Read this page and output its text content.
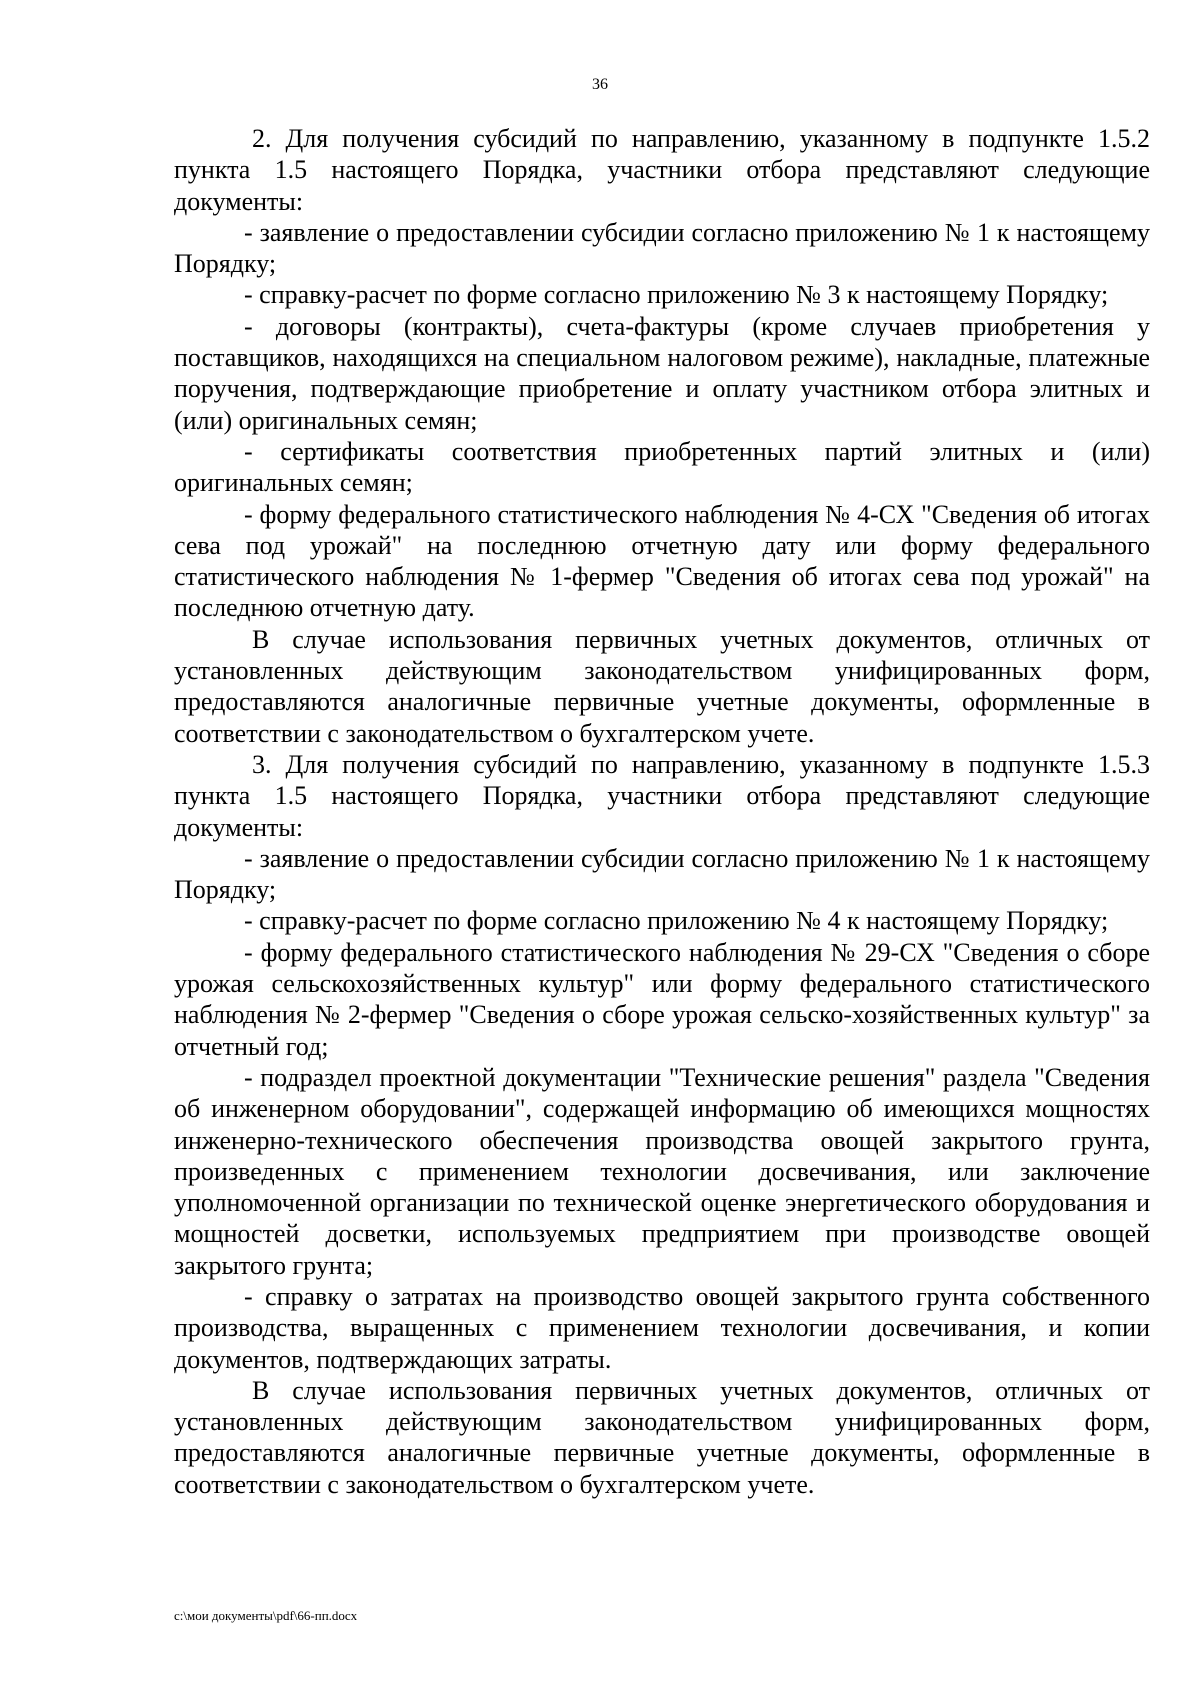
36

2. Для получения субсидий по направлению, указанному в подпункте 1.5.2 пункта 1.5 настоящего Порядка, участники отбора представляют следующие документы:

- заявление о предоставлении субсидии согласно приложению № 1 к настоящему Порядку;

- справку-расчет по форме согласно приложению № 3 к настоящему Порядку;

- договоры (контракты), счета-фактуры (кроме случаев приобретения у поставщиков, находящихся на специальном налоговом режиме), накладные, платежные поручения, подтверждающие приобретение и оплату участником отбора элитных и (или) оригинальных семян;

- сертификаты соответствия приобретенных партий элитных и (или) оригинальных семян;

- форму федерального статистического наблюдения № 4-СХ "Сведения об итогах сева под урожай" на последнюю отчетную дату или форму федерального статистического наблюдения № 1-фермер "Сведения об итогах сева под урожай" на последнюю отчетную дату.

В случае использования первичных учетных документов, отличных от установленных действующим законодательством унифицированных форм, предоставляются аналогичные первичные учетные документы, оформленные в соответствии с законодательством о бухгалтерском учете.

3. Для получения субсидий по направлению, указанному в подпункте 1.5.3 пункта 1.5 настоящего Порядка, участники отбора представляют следующие документы:

- заявление о предоставлении субсидии согласно приложению № 1 к настоящему Порядку;

- справку-расчет по форме согласно приложению № 4 к настоящему Порядку;

- форму федерального статистического наблюдения № 29-СХ "Сведения о сборе урожая сельскохозяйственных культур" или форму федерального статистического наблюдения № 2-фермер "Сведения о сборе урожая сельско-хозяйственных культур" за отчетный год;

- подраздел проектной документации "Технические решения" раздела "Сведения об инженерном оборудовании", содержащей информацию об имеющихся мощностях инженерно-технического обеспечения производства овощей закрытого грунта, произведенных с применением технологии досвечивания, или заключение уполномоченной организации по технической оценке энергетического оборудования и мощностей досветки, используемых предприятием при производстве овощей закрытого грунта;

- справку о затратах на производство овощей закрытого грунта собственного производства, выращенных с применением технологии досвечивания, и копии документов, подтверждающих затраты.

В случае использования первичных учетных документов, отличных от установленных действующим законодательством унифицированных форм, предоставляются аналогичные первичные учетные документы, оформленные в соответствии с законодательством о бухгалтерском учете.

c:\мои документы\pdf\66-пп.docx
